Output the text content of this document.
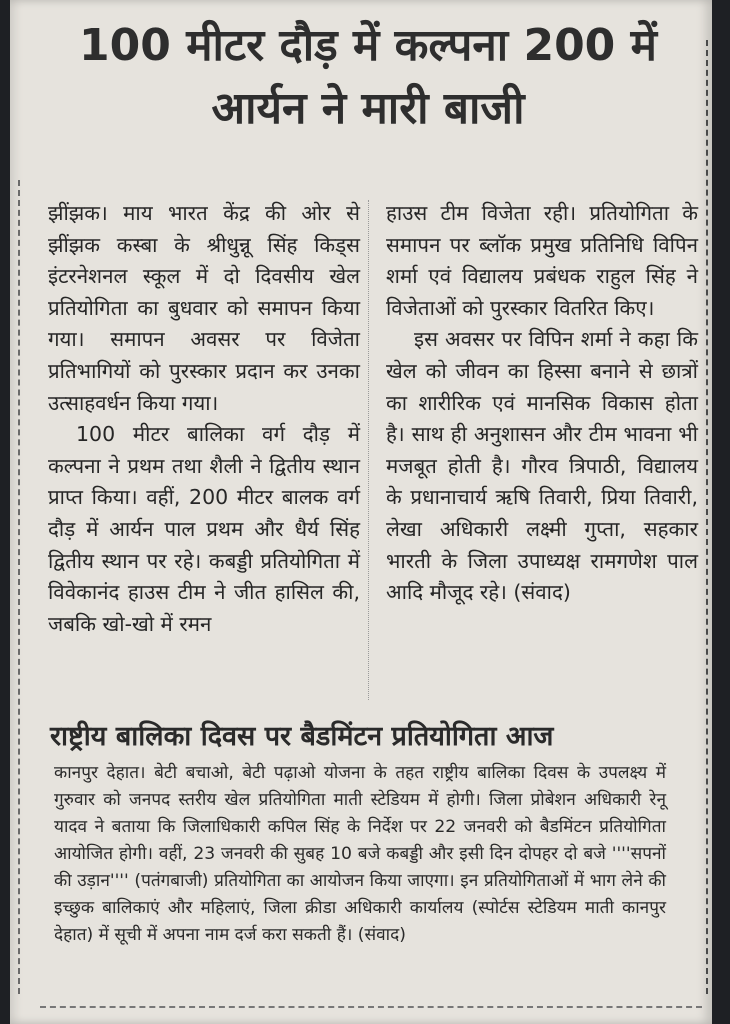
100 मीटर दौड़ में कल्पना 200 में आर्यन ने मारी बाजी

झींझक। माय भारत केंद्र की ओर से झींझक कस्बा के श्रीधुन्नू सिंह किड्स इंटरनेशनल स्कूल में दो दिवसीय खेल प्रतियोगिता का बुधवार को समापन किया गया। समापन अवसर पर विजेता प्रतिभागियों को पुरस्कार प्रदान कर उनका उत्साहवर्धन किया गया।

100 मीटर बालिका वर्ग दौड़ में कल्पना ने प्रथम तथा शैली ने द्वितीय स्थान प्राप्त किया। वहीं, 200 मीटर बालक वर्ग दौड़ में आर्यन पाल प्रथम और धैर्य सिंह द्वितीय स्थान पर रहे। कबड्डी प्रतियोगिता में विवेकानंद हाउस टीम ने जीत हासिल की, जबकि खो-खो में रमन

हाउस टीम विजेता रही। प्रतियोगिता के समापन पर ब्लॉक प्रमुख प्रतिनिधि विपिन शर्मा एवं विद्यालय प्रबंधक राहुल सिंह ने विजेताओं को पुरस्कार वितरित किए।

इस अवसर पर विपिन शर्मा ने कहा कि खेल को जीवन का हिस्सा बनाने से छात्रों का शारीरिक एवं मानसिक विकास होता है। साथ ही अनुशासन और टीम भावना भी मजबूत होती है। गौरव त्रिपाठी, विद्यालय के प्रधानाचार्य ऋषि तिवारी, प्रिया तिवारी, लेखा अधिकारी लक्ष्मी गुप्ता, सहकार भारती के जिला उपाध्यक्ष रामगणेश पाल आदि मौजूद रहे। (संवाद)

राष्ट्रीय बालिका दिवस पर बैडमिंटन प्रतियोगिता आज

कानपुर देहात। बेटी बचाओ, बेटी पढ़ाओ योजना के तहत राष्ट्रीय बालिका दिवस के उपलक्ष्य में गुरुवार को जनपद स्तरीय खेल प्रतियोगिता माती स्टेडियम में होगी। जिला प्रोबेशन अधिकारी रेनू यादव ने बताया कि जिलाधिकारी कपिल सिंह के निर्देश पर 22 जनवरी को बैडमिंटन प्रतियोगिता आयोजित होगी। वहीं, 23 जनवरी की सुबह 10 बजे कबड्डी और इसी दिन दोपहर दो बजे ''''सपनों की उड़ान'''' (पतंगबाजी) प्रतियोगिता का आयोजन किया जाएगा। इन प्रतियोगिताओं में भाग लेने की इच्छुक बालिकाएं और महिलाएं, जिला क्रीडा अधिकारी कार्यालय (स्पोर्टस स्टेडियम माती कानपुर देहात) में सूची में अपना नाम दर्ज करा सकती हैं। (संवाद)
